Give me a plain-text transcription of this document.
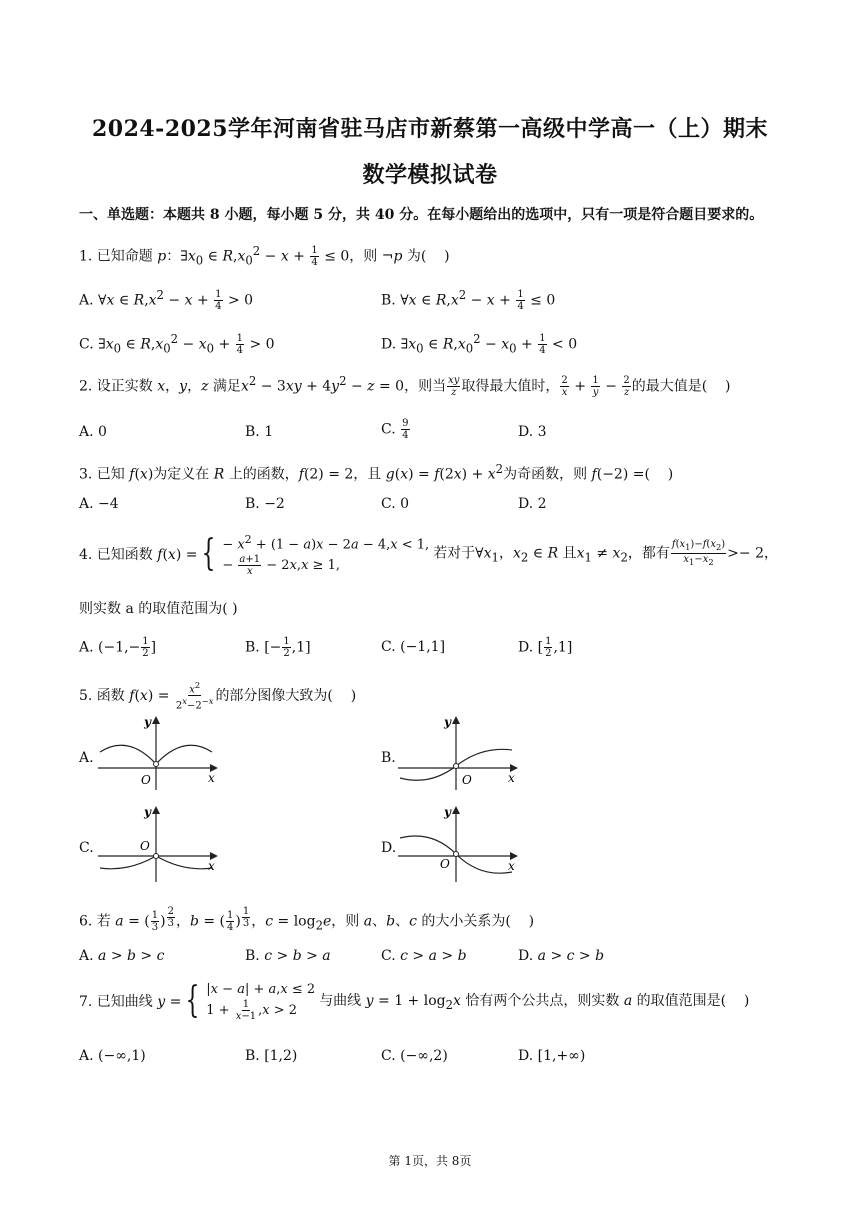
2024-2025学年河南省驻马店市新蔡第一高级中学高一（上）期末
数学模拟试卷
一、单选题：本题共 8 小题，每小题 5 分，共 40 分。在每小题给出的选项中，只有一项是符合题目要求的。
1. 已知命题 p：$\exists x_0$ ∈ $R,x_0^2 - x + \frac{1}{4} \le 0$，则 ¬p 为(    )
A. ∀x ∈ $R,x^2 - x + \frac{1}{4} > 0$	B. ∀x ∈ $R,x^2 - x + \frac{1}{4} \le 0$
C. $\exists x_0$ ∈ $R,x_0^2 - x_0 + \frac{1}{4} > 0$	D. $\exists x_0$ ∈ $R,x_0^2 - x_0 + \frac{1}{4} < 0$
2. 设正实数 x，y，z 满足$x^2 - 3xy + 4y^2 - z = 0$，则当 $\frac{xy}{z}$ 取得最大值时， $\frac{2}{x} + \frac{1}{y} - \frac{2}{z}$ 的最大值是(    )
A. 0	B. 1	C. $\frac{9}{4}$	D. 3
3. 已知 f(x)为定义在 R 上的函数，f(2) = 2，且 $g(x) = f(2x) + x^2$为奇函数，则 f(−2) =(    )
A. −4	B. −2	C. 0	D. 2
4. 已知函数 f(x) = { − $x^2 + (1 - a)x - 2a - 4,x < 1$,
− $\frac{a+1}{x} - 2x,x \ge 1$,
若对于$\forall x_1$，$x_2$ ∈ R 且$x_1 \ne x_2$，都有 $\frac{f(x_1)-f(x_2)}{x_1-x_2} >- 2$，
则实数 a 的取值范围为( )
A. ($-1,- \frac{1}{2}$ ]	B. [− $\frac{1}{2} ,1$]	C. (−1,1]	D. [ $\frac{1}{2} ,1$]
5. 函数 $f(x) = \frac{x^2}{2^x-2^{-x}}$ 的部分图像大致为(    )
A.
y
O	x
B.
y
O	x
C.
y
O
x
D.
y
O	x
6. 若 a = ( $\frac{1}{3}$ ) $^{\frac{2}{3}}$ ，b = ( $\frac{1}{4}$ ) $^{\frac{1}{3}}$ ，$c = \log_2e$，则 a、b、c 的大小关系为(    )
A. a > b > c	B. c > b > a	C. c > a > b	D. a > c > b
7. 已知曲线 y = { |x − a| + a,x ≤ 2
$1 + \frac{1}{x-1} ,x > 2$
与曲线 $y = 1 + \log_2x$ 恰有两个公共点，则实数 a 的取值范围是(    )
A. (−∞,1)	B. [1,2)	C. (−∞,2)	D. [1,+∞)
第 1页，共 8页
